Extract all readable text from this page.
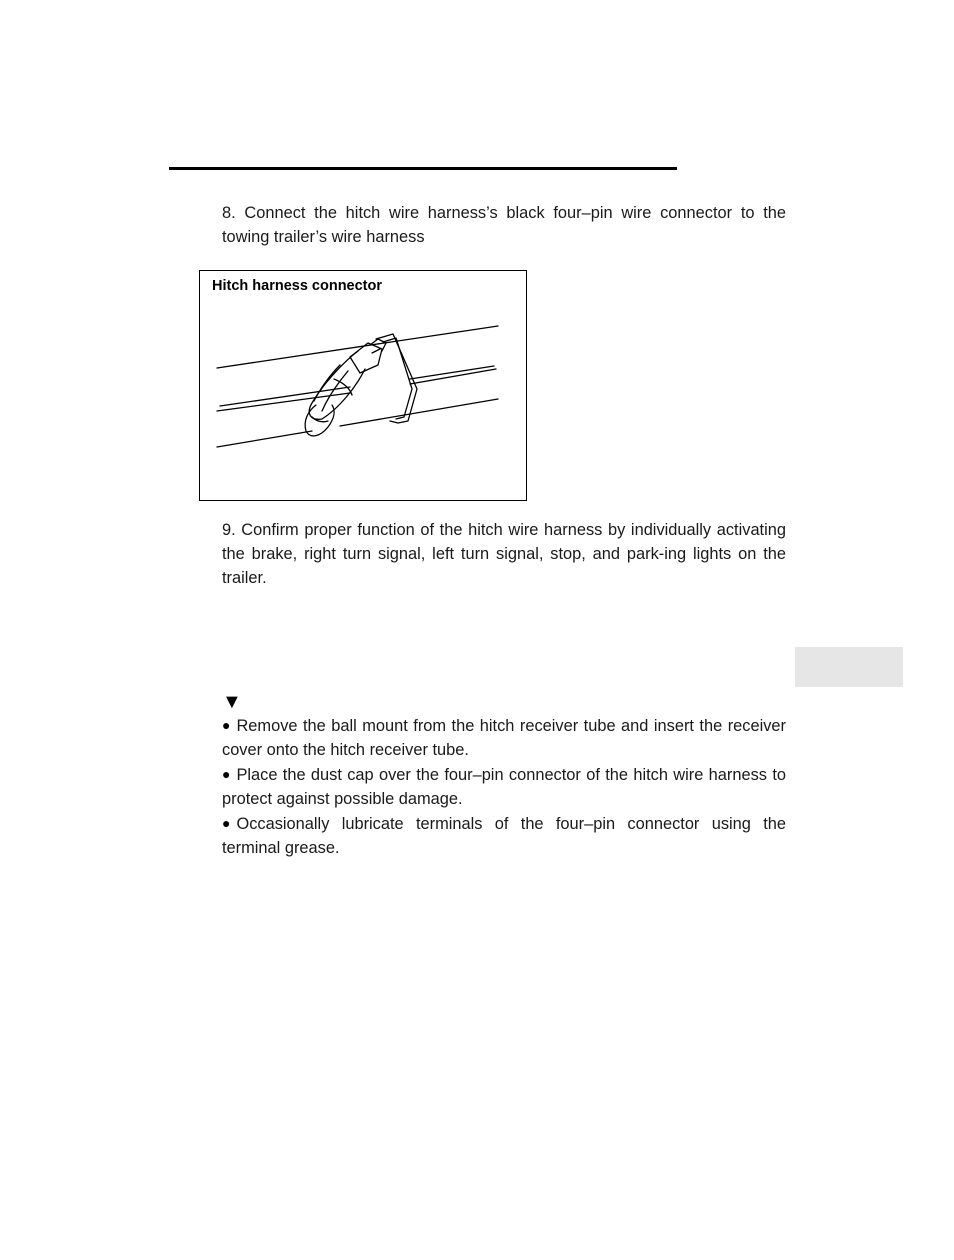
8. Connect the hitch wire harness’s black four–pin wire connector to the towing trailer’s wire harness

Hitch harness connector

9. Confirm proper function of the hitch wire harness by individually activating the brake, right turn signal, left turn signal, stop, and park-ing lights on the trailer.

▼
● Remove the ball mount from the hitch receiver tube and insert the receiver cover onto the hitch receiver tube.
● Place the dust cap over the four–pin connector of the hitch wire harness to protect against possible damage.
● Occasionally lubricate terminals of the four–pin connector using the terminal grease.
